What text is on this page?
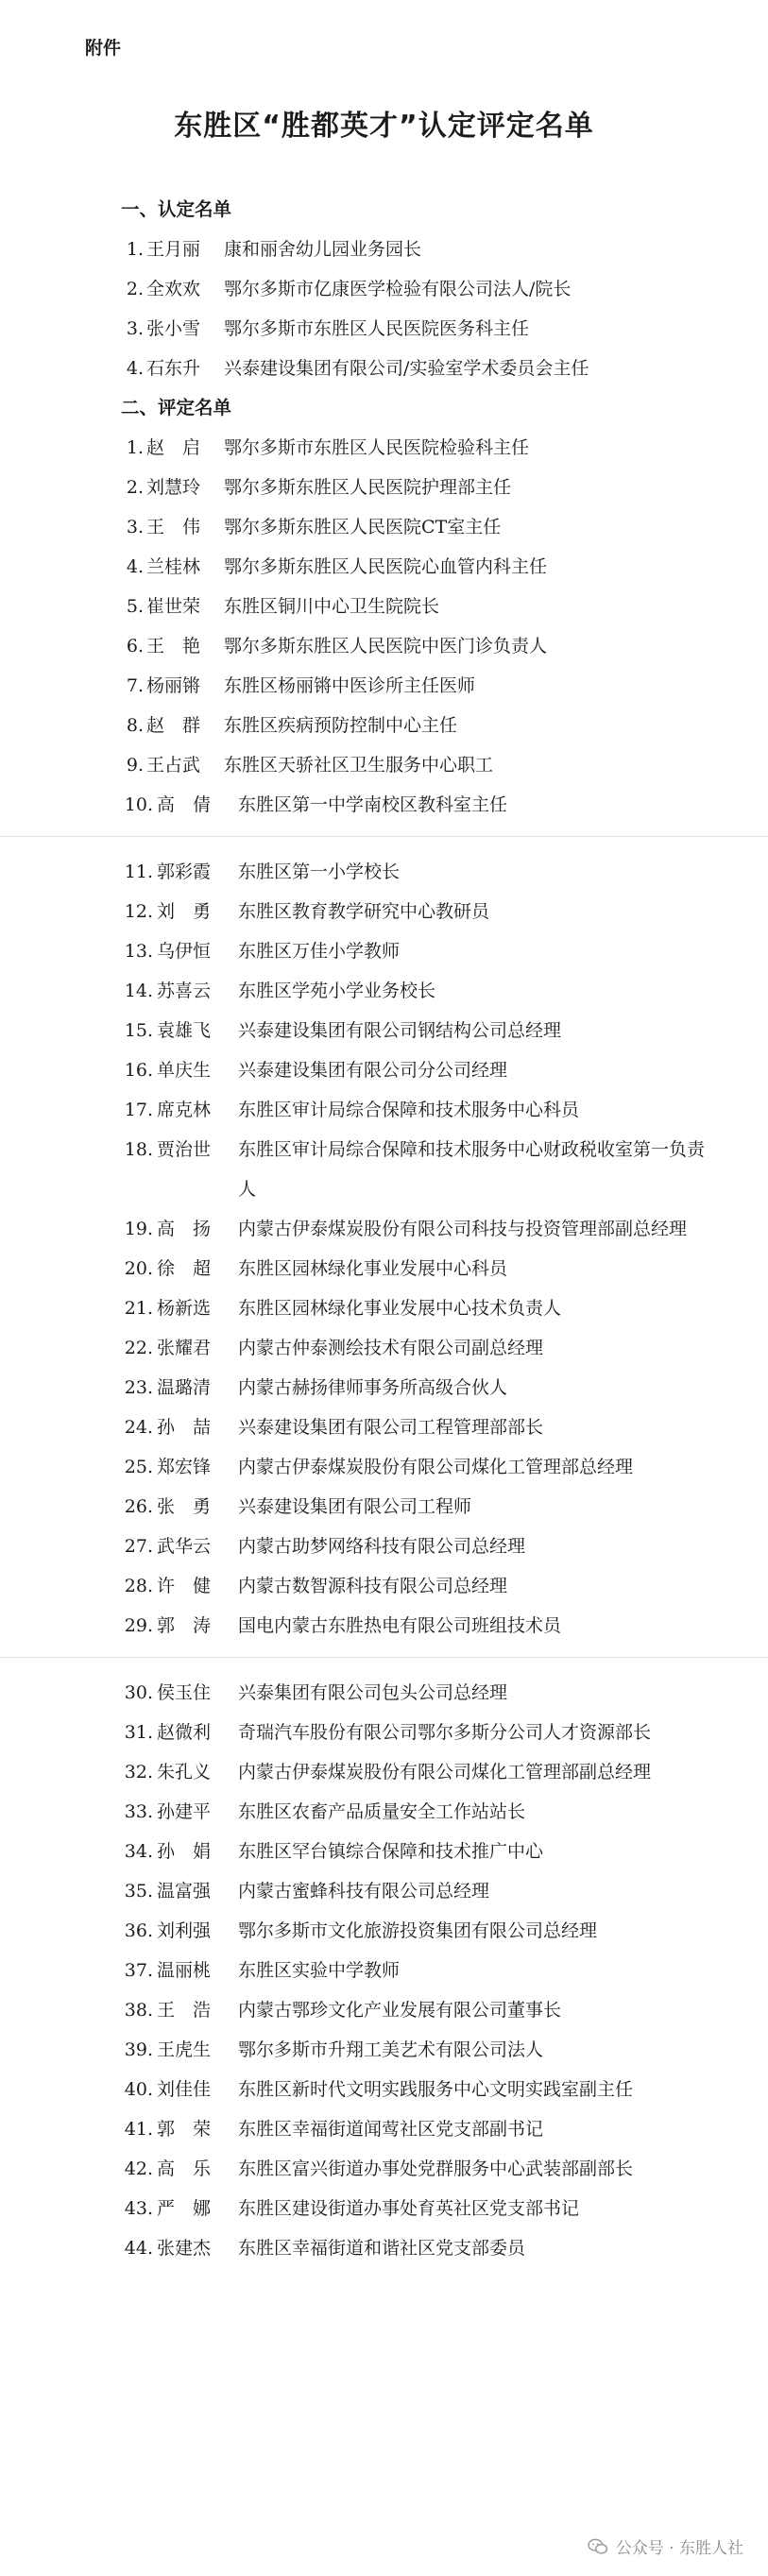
附件
东胜区“胜都英才”认定评定名单
一、认定名单
1. 王月丽	康和丽舍幼儿园业务园长
2. 全欢欢	鄂尔多斯市亿康医学检验有限公司法人/院长
3. 张小雪	鄂尔多斯市东胜区人民医院医务科主任
4. 石东升	兴泰建设集团有限公司/实验室学术委员会主任
二、评定名单
1. 赵　启	鄂尔多斯市东胜区人民医院检验科主任
2. 刘慧玲	鄂尔多斯东胜区人民医院护理部主任
3. 王　伟	鄂尔多斯东胜区人民医院CT室主任
4. 兰桂林	鄂尔多斯东胜区人民医院心血管内科主任
5. 崔世荣	东胜区铜川中心卫生院院长
6. 王　艳	鄂尔多斯东胜区人民医院中医门诊负责人
7. 杨丽锵	东胜区杨丽锵中医诊所主任医师
8. 赵　群	东胜区疾病预防控制中心主任
9. 王占武	东胜区天骄社区卫生服务中心职工
10. 高　倩	东胜区第一中学南校区教科室主任
11. 郭彩霞	东胜区第一小学校长
12. 刘　勇	东胜区教育教学研究中心教研员
13. 乌伊恒	东胜区万佳小学教师
14. 苏喜云	东胜区学苑小学业务校长
15. 袁雄飞	兴泰建设集团有限公司钢结构公司总经理
16. 单庆生	兴泰建设集团有限公司分公司经理
17. 席克林	东胜区审计局综合保障和技术服务中心科员
18. 贾治世	东胜区审计局综合保障和技术服务中心财政税收室第一负责人
19. 高　扬	内蒙古伊泰煤炭股份有限公司科技与投资管理部副总经理
20. 徐　超	东胜区园林绿化事业发展中心科员
21. 杨新选	东胜区园林绿化事业发展中心技术负责人
22. 张耀君	内蒙古仲泰测绘技术有限公司副总经理
23. 温璐清	内蒙古赫扬律师事务所高级合伙人
24. 孙　喆	兴泰建设集团有限公司工程管理部部长
25. 郑宏锋	内蒙古伊泰煤炭股份有限公司煤化工管理部总经理
26. 张　勇	兴泰建设集团有限公司工程师
27. 武华云	内蒙古助梦网络科技有限公司总经理
28. 许　健	内蒙古数智源科技有限公司总经理
29. 郭　涛	国电内蒙古东胜热电有限公司班组技术员
30. 侯玉住	兴泰集团有限公司包头公司总经理
31. 赵微利	奇瑞汽车股份有限公司鄂尔多斯分公司人才资源部长
32. 朱孔义	内蒙古伊泰煤炭股份有限公司煤化工管理部副总经理
33. 孙建平	东胜区农畜产品质量安全工作站站长
34. 孙　娟	东胜区罕台镇综合保障和技术推广中心
35. 温富强	内蒙古蜜蜂科技有限公司总经理
36. 刘利强	鄂尔多斯市文化旅游投资集团有限公司总经理
37. 温丽桃	东胜区实验中学教师
38. 王　浩	内蒙古鄂珍文化产业发展有限公司董事长
39. 王虎生	鄂尔多斯市升翔工美艺术有限公司法人
40. 刘佳佳	东胜区新时代文明实践服务中心文明实践室副主任
41. 郭　荣	东胜区幸福街道闻莺社区党支部副书记
42. 高　乐	东胜区富兴街道办事处党群服务中心武装部副部长
43. 严　娜	东胜区建设街道办事处育英社区党支部书记
44. 张建杰	东胜区幸福街道和谐社区党支部委员
公众号 · 东胜人社
